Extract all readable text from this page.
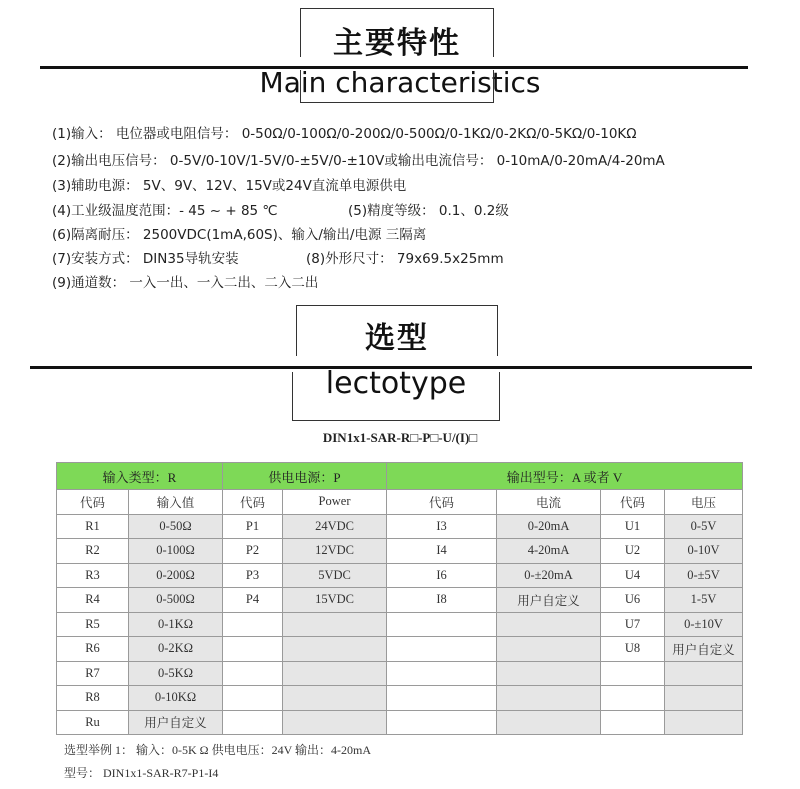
主要特性
Main characteristics
(1)输入： 电位器或电阻信号： 0-50Ω/0-100Ω/0-200Ω/0-500Ω/0-1KΩ/0-2KΩ/0-5KΩ/0-10KΩ
(2)输出电压信号： 0-5V/0-10V/1-5V/0-±5V/0-±10V或输出电流信号： 0-10mA/0-20mA/4-20mA
(3)辅助电源： 5V、9V、12V、15V或24V直流单电源供电
(4)工业级温度范围：- 45 ~ + 85 ℃	(5)精度等级： 0.1、0.2级
(6)隔离耐压： 2500VDC(1mA,60S)、输入/输出/电源 三隔离
(7)安装方式： DIN35导轨安装	(8)外形尺寸： 79x69.5x25mm
(9)通道数： 一入一出、一入二出、二入二出
选型
lectotype
DIN1x1-SAR-R□-P□-U/(I)□
输入类型：R		供电电源：P		输出型号：A 或者 V			
代码	输入值	代码	Power	代码	电流	代码	电压
R1	0-50Ω	P1	24VDC	I3	0-20mA	U1	0-5V
R2	0-100Ω	P2	12VDC	I4	4-20mA	U2	0-10V
R3	0-200Ω	P3	5VDC	I6	0-±20mA	U4	0-±5V
R4	0-500Ω	P4	15VDC	I8	用户自定义	U6	1-5V
R5	0-1KΩ					U7	0-±10V
R6	0-2KΩ					U8	用户自定义
R7	0-5KΩ						
R8	0-10KΩ						
Ru	用户自定义						
选型举例 1： 输入：0-5K Ω 供电电压：24V 输出：4-20mA
型号： DIN1x1-SAR-R7-P1-I4
